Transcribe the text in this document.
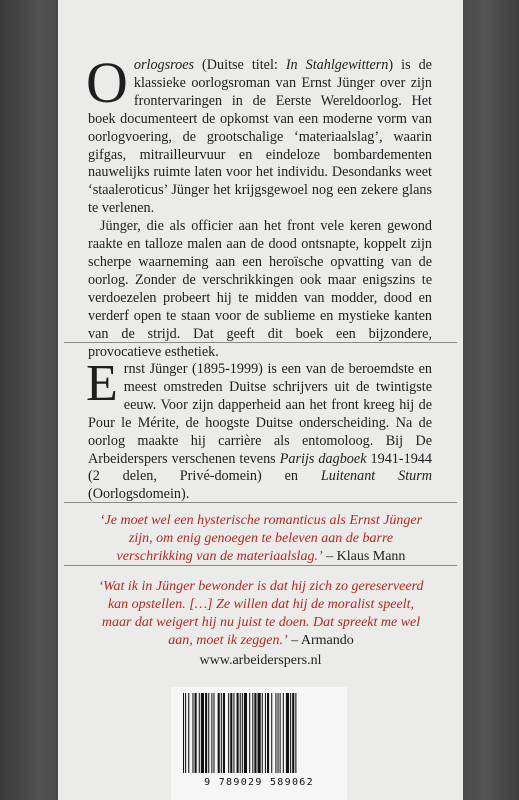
Oorlogsroes (Duitse titel: In Stahlgewittern) is de klassieke oorlogsroman van Ernst Jünger over zijn frontervaringen in de Eerste Wereldoorlog. Het boek documenteert de opkomst van een moderne vorm van oorlogvoering, de grootschalige ‘materiaalslag’, waarin gifgas, mitrailleurvuur en eindeloze bombardementen nauwelijks ruimte laten voor het individu. Desondanks weet ‘staaleroticus’ Jünger het krijgsgewoel nog een zekere glans te verlenen.

Jünger, die als officier aan het front vele keren gewond raakte en talloze malen aan de dood ontsnapte, koppelt zijn scherpe waarneming aan een heroïsche opvatting van de oorlog. Zonder de verschrikkingen ook maar enigszins te verdoezelen probeert hij te midden van modder, dood en verderf open te staan voor de sublieme en mystieke kanten van de strijd. Dat geeft dit boek een bijzondere, provocatieve esthetiek.

Ernst Jünger (1895-1999) is een van de beroemdste en meest omstreden Duitse schrijvers uit de twintigste eeuw. Voor zijn dapperheid aan het front kreeg hij de Pour le Mérite, de hoogste Duitse onderscheiding. Na de oorlog maakte hij carrière als entomoloog. Bij De Arbeiderspers verschenen tevens Parijs dagboek 1941-1944 (2 delen, Privé-domein) en Luitenant Sturm (Oorlogsdomein).

‘Je moet wel een hysterische romanticus als Ernst Jünger zijn, om enig genoegen te beleven aan de barre verschrikking van de materiaalslag.’ – Klaus Mann
‘Wat ik in Jünger bewonder is dat hij zich zo gereserveerd kan opstellen. […] Ze willen dat hij de moralist speelt, maar dat weigert hij nu juist te doen. Dat spreekt me wel aan, moet ik zeggen.’ – Armando
www.arbeiderspers.nl
9 789029 589062
